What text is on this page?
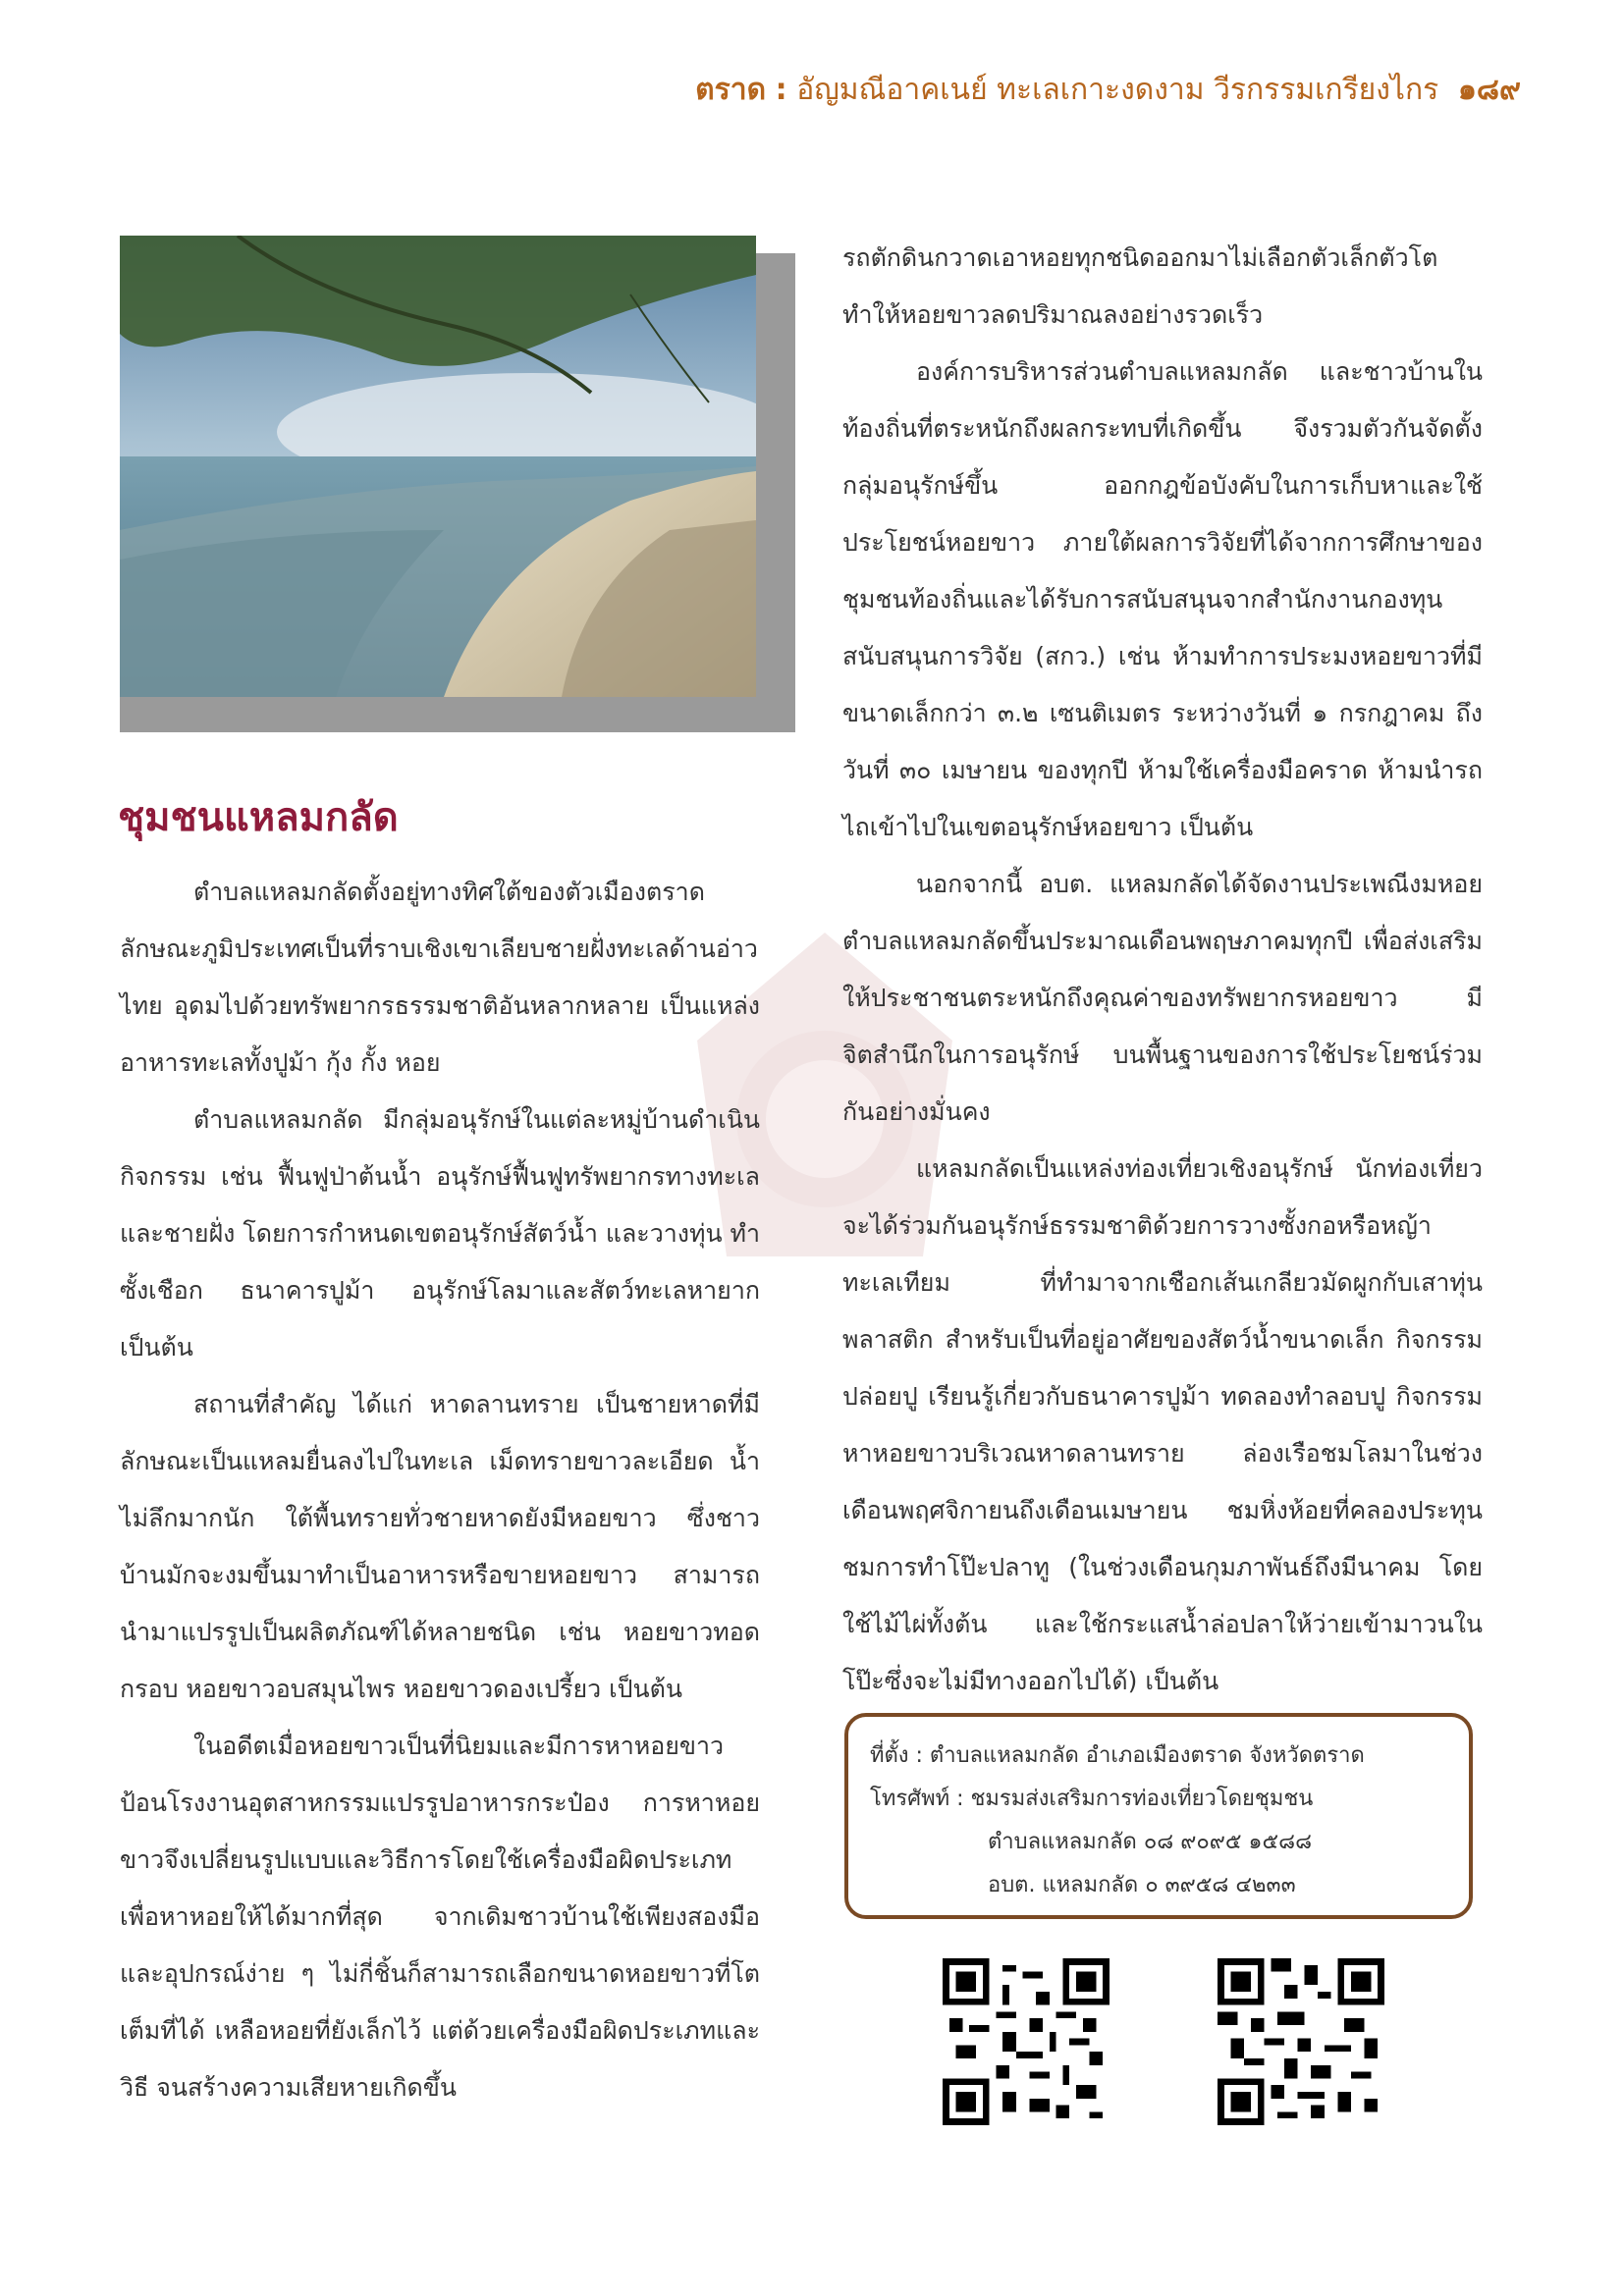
ตราด : อัญมณีอาคเนย์ ทะเลเกาะงดงาม วีรกรรมเกรียงไกร ๑๘๙
ชุมชนแหลมกลัด

ตำบลแหลมกลัดตั้งอยู่ทางทิศใต้ของตัวเมืองตราด ลักษณะภูมิประเทศเป็นที่ราบเชิงเขาเลียบชายฝั่งทะเลด้านอ่าวไทย อุดมไปด้วยทรัพยากรธรรมชาติอันหลากหลาย เป็นแหล่งอาหารทะเลทั้งปูม้า กุ้ง กั้ง หอย

ตำบลแหลมกลัด มีกลุ่มอนุรักษ์ในแต่ละหมู่บ้านดำเนินกิจกรรม เช่น ฟื้นฟูป่าต้นน้ำ อนุรักษ์ฟื้นฟูทรัพยากรทางทะเลและชายฝั่ง โดยการกำหนดเขตอนุรักษ์สัตว์น้ำ และวางทุ่น ทำซั้งเชือก ธนาคารปูม้า อนุรักษ์โลมาและสัตว์ทะเลหายาก เป็นต้น

สถานที่สำคัญ ได้แก่ หาดลานทราย เป็นชายหาดที่มีลักษณะเป็นแหลมยื่นลงไปในทะเล เม็ดทรายขาวละเอียด น้ำไม่ลึกมากนัก ใต้พื้นทรายทั่วชายหาดยังมีหอยขาว ซึ่งชาวบ้านมักจะงมขึ้นมาทำเป็นอาหารหรือขายหอยขาว สามารถนำมาแปรรูปเป็นผลิตภัณฑ์ได้หลายชนิด เช่น หอยขาวทอดกรอบ หอยขาวอบสมุนไพร หอยขาวดองเปรี้ยว เป็นต้น

ในอดีตเมื่อหอยขาวเป็นที่นิยมและมีการหาหอยขาวป้อนโรงงานอุตสาหกรรมแปรรูปอาหารกระป๋อง การหาหอยขาวจึงเปลี่ยนรูปแบบและวิธีการโดยใช้เครื่องมือผิดประเภทเพื่อหาหอยให้ได้มากที่สุด จากเดิมชาวบ้านใช้เพียงสองมือและอุปกรณ์ง่าย ๆ ไม่กี่ชิ้นก็สามารถเลือกขนาดหอยขาวที่โตเต็มที่ได้ เหลือหอยที่ยังเล็กไว้ แต่ด้วยเครื่องมือผิดประเภทและวิธี จนสร้างความเสียหายเกิดขึ้น

รถตักดินกวาดเอาหอยทุกชนิดออกมาไม่เลือกตัวเล็กตัวโต ทำให้หอยขาวลดปริมาณลงอย่างรวดเร็ว

องค์การบริหารส่วนตำบลแหลมกลัด และชาวบ้านในท้องถิ่นที่ตระหนักถึงผลกระทบที่เกิดขึ้น จึงรวมตัวกันจัดตั้งกลุ่มอนุรักษ์ขึ้น ออกกฎข้อบังคับในการเก็บหาและใช้ประโยชน์หอยขาว ภายใต้ผลการวิจัยที่ได้จากการศึกษาของชุมชนท้องถิ่นและได้รับการสนับสนุนจากสำนักงานกองทุนสนับสนุนการวิจัย (สกว.) เช่น ห้ามทำการประมงหอยขาวที่มีขนาดเล็กกว่า ๓.๒ เซนติเมตร ระหว่างวันที่ ๑ กรกฎาคม ถึงวันที่ ๓๐ เมษายน ของทุกปี ห้ามใช้เครื่องมือคราด ห้ามนำรถไถเข้าไปในเขตอนุรักษ์หอยขาว เป็นต้น

นอกจากนี้ อบต. แหลมกลัดได้จัดงานประเพณีงมหอยตำบลแหลมกลัดขึ้นประมาณเดือนพฤษภาคมทุกปี เพื่อส่งเสริมให้ประชาชนตระหนักถึงคุณค่าของทรัพยากรหอยขาว มีจิตสำนึกในการอนุรักษ์ บนพื้นฐานของการใช้ประโยชน์ร่วมกันอย่างมั่นคง

แหลมกลัดเป็นแหล่งท่องเที่ยวเชิงอนุรักษ์ นักท่องเที่ยวจะได้ร่วมกันอนุรักษ์ธรรมชาติด้วยการวางซั้งกอหรือหญ้าทะเลเทียม ที่ทำมาจากเชือกเส้นเกลียวมัดผูกกับเสาทุ่นพลาสติก สำหรับเป็นที่อยู่อาศัยของสัตว์น้ำขนาดเล็ก กิจกรรมปล่อยปู เรียนรู้เกี่ยวกับธนาคารปูม้า ทดลองทำลอบปู กิจกรรมหาหอยขาวบริเวณหาดลานทราย ล่องเรือชมโลมาในช่วงเดือนพฤศจิกายนถึงเดือนเมษายน ชมหิ่งห้อยที่คลองประทุน ชมการทำโป๊ะปลาทู (ในช่วงเดือนกุมภาพันธ์ถึงมีนาคม โดยใช้ไม้ไผ่ทั้งต้น และใช้กระแสน้ำล่อปลาให้ว่ายเข้ามาวนในโป๊ะซึ่งจะไม่มีทางออกไปได้) เป็นต้น

ที่ตั้ง : ตำบลแหลมกลัด อำเภอเมืองตราด จังหวัดตราด
โทรศัพท์ : ชมรมส่งเสริมการท่องเที่ยวโดยชุมชน
ตำบลแหลมกลัด ๐๘ ๙๐๙๕ ๑๕๘๘
อบต. แหลมกลัด ๐ ๓๙๕๘ ๔๒๓๓
